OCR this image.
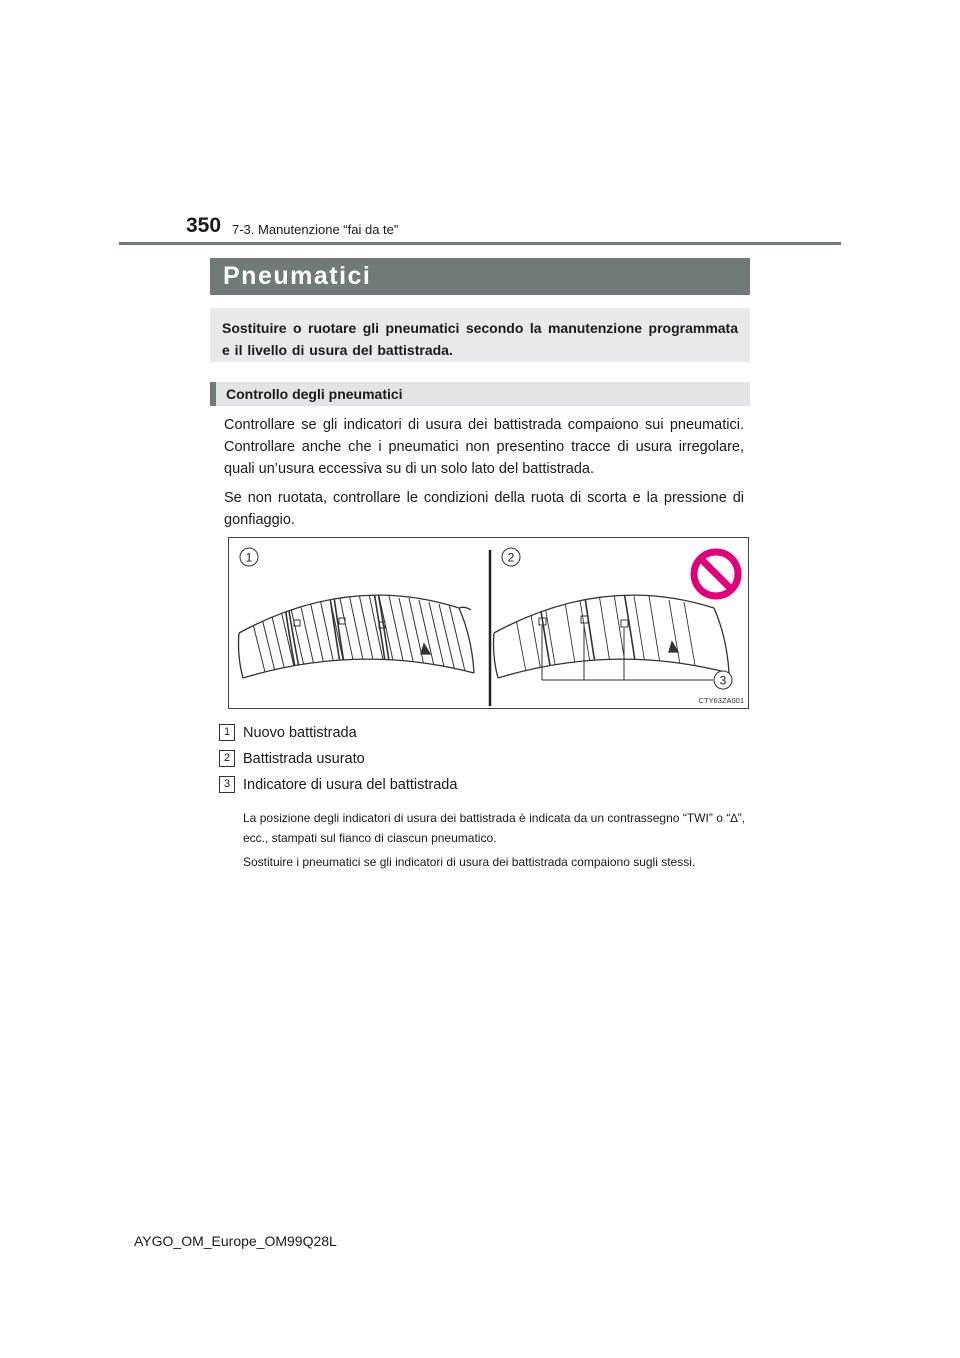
350 7-3. Manutenzione “fai da te”
Pneumatici

Sostituire o ruotare gli pneumatici secondo la manutenzione programmata e il livello di usura del battistrada.

Controllo degli pneumatici

Controllare se gli indicatori di usura dei battistrada compaiono sui pneumatici. Controllare anche che i pneumatici non presentino tracce di usura irregolare, quali un’usura eccessiva su di un solo lato del battistrada.

Se non ruotata, controllare le condizioni della ruota di scorta e la pressione di gonfiaggio.

1	2
3
CTY63ZA001
1 Nuovo battistrada
2 Battistrada usurato
3 Indicatore di usura del battistrada

La posizione degli indicatori di usura dei battistrada è indicata da un contrassegno “TWI” o “∆”, ecc., stampati sul fianco di ciascun pneumatico.

Sostituire i pneumatici se gli indicatori di usura dei battistrada compaiono sugli stessi.

AYGO_OM_Europe_OM99Q28L
